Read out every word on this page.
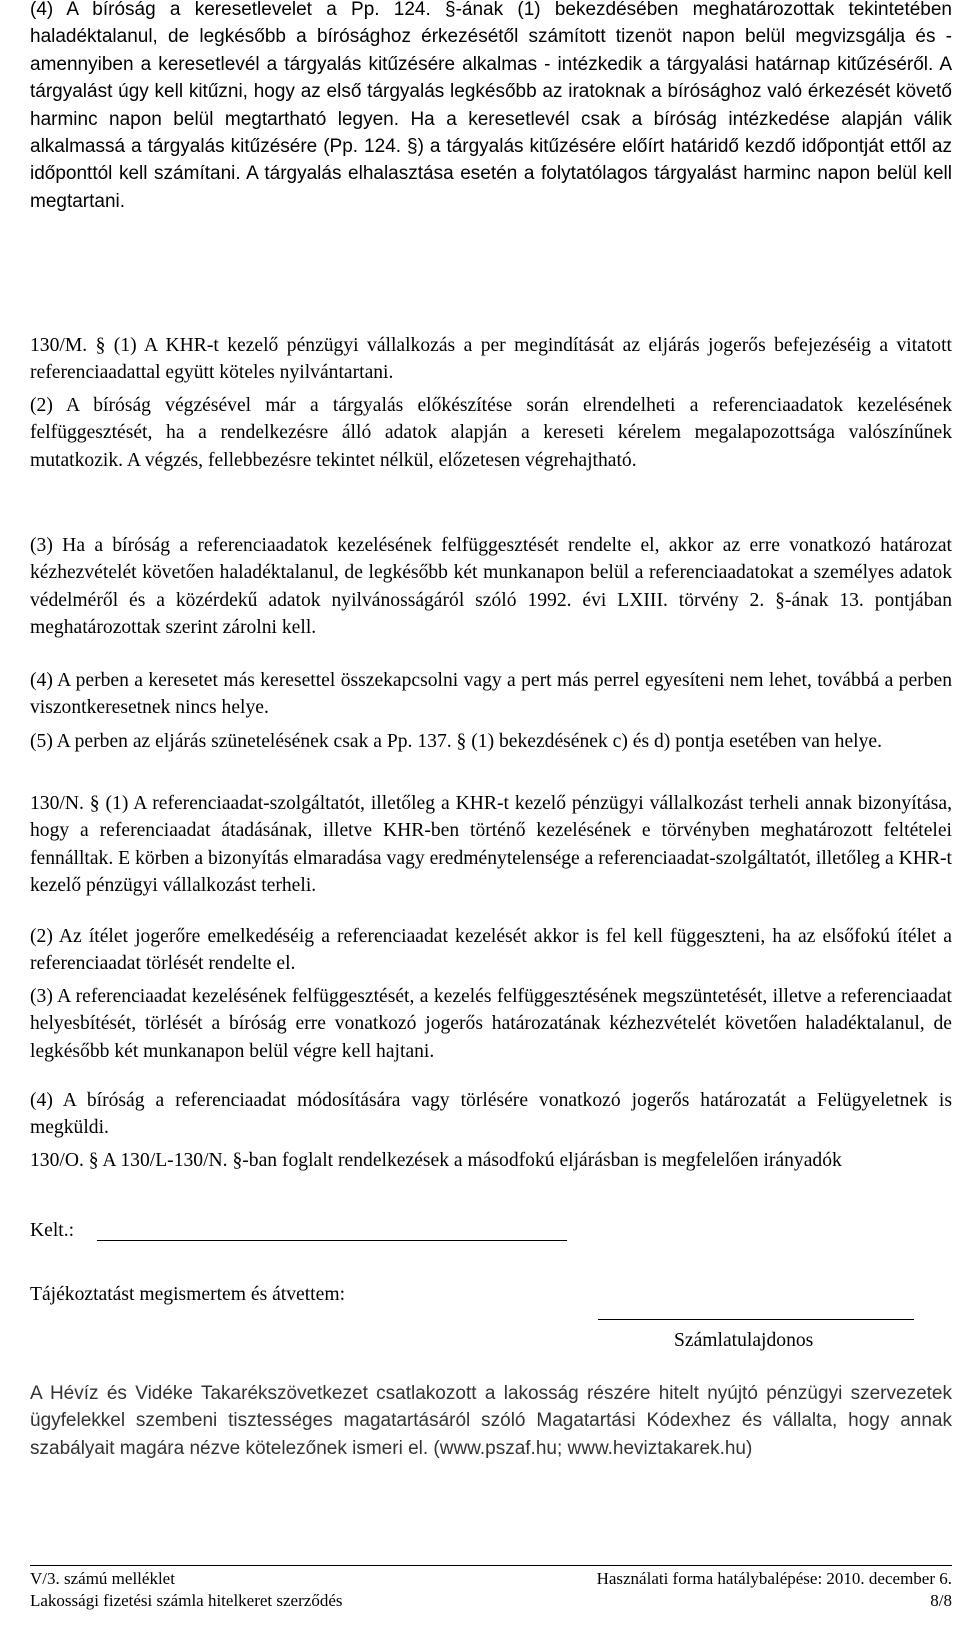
(4) A bíróság a keresetlevelet a Pp. 124. §-ának (1) bekezdésében meghatározottak tekintetében haladéktalanul, de legkésőbb a bírósághoz érkezésétől számított tizenöt napon belül megvizsgálja és - amennyiben a keresetlevél a tárgyalás kitűzésére alkalmas - intézkedik a tárgyalási határnap kitűzéséről. A tárgyalást úgy kell kitűzni, hogy az első tárgyalás legkésőbb az iratoknak a bírósághoz való érkezését követő harminc napon belül megtartható legyen. Ha a keresetlevél csak a bíróság intézkedése alapján válik alkalmassá a tárgyalás kitűzésére (Pp. 124. §) a tárgyalás kitűzésére előírt határidő kezdő időpontját ettől az időponttól kell számítani. A tárgyalás elhalasztása esetén a folytatólagos tárgyalást harminc napon belül kell megtartani.

130/M. § (1) A KHR-t kezelő pénzügyi vállalkozás a per megindítását az eljárás jogerős befejezéséig a vitatott referenciaadattal együtt köteles nyilvántartani.

(2) A bíróság végzésével már a tárgyalás előkészítése során elrendelheti a referenciaadatok kezelésének felfüggesztését, ha a rendelkezésre álló adatok alapján a kereseti kérelem megalapozottsága valószínűnek mutatkozik. A végzés, fellebbezésre tekintet nélkül, előzetesen végrehajtható.

(3) Ha a bíróság a referenciaadatok kezelésének felfüggesztését rendelte el, akkor az erre vonatkozó határozat kézhezvételét követően haladéktalanul, de legkésőbb két munkanapon belül a referenciaadatokat a személyes adatok védelméről és a közérdekű adatok nyilvánosságáról szóló 1992. évi LXIII. törvény 2. §-ának 13. pontjában meghatározottak szerint zárolni kell.

(4) A perben a keresetet más keresettel összekapcsolni vagy a pert más perrel egyesíteni nem lehet, továbbá a perben viszontkeresetnek nincs helye.

(5) A perben az eljárás szünetelésének csak a Pp. 137. § (1) bekezdésének c) és d) pontja esetében van helye.

130/N. § (1) A referenciaadat-szolgáltatót, illetőleg a KHR-t kezelő pénzügyi vállalkozást terheli annak bizonyítása, hogy a referenciaadat átadásának, illetve KHR-ben történő kezelésének e törvényben meghatározott feltételei fennálltak. E körben a bizonyítás elmaradása vagy eredménytelensége a referenciaadat-szolgáltatót, illetőleg a KHR-t kezelő pénzügyi vállalkozást terheli.

(2) Az ítélet jogerőre emelkedéséig a referenciaadat kezelését akkor is fel kell függeszteni, ha az elsőfokú ítélet a referenciaadat törlését rendelte el.

(3) A referenciaadat kezelésének felfüggesztését, a kezelés felfüggesztésének megszüntetését, illetve a referenciaadat helyesbítését, törlését a bíróság erre vonatkozó jogerős határozatának kézhezvételét követően haladéktalanul, de legkésőbb két munkanapon belül végre kell hajtani.

(4) A bíróság a referenciaadat módosítására vagy törlésére vonatkozó jogerős határozatát a Felügyeletnek is megküldi.

130/O. § A 130/L-130/N. §-ban foglalt rendelkezések a másodfokú eljárásban is megfelelően irányadók

Kelt.:
Tájékoztatást megismertem és átvettem:
Számlatulajdonos

A Hévíz és Vidéke Takarékszövetkezet csatlakozott a lakosság részére hitelt nyújtó pénzügyi szervezetek ügyfelekkel szembeni tisztességes magatartásáról szóló Magatartási Kódexhez és vállalta, hogy annak szabályait magára nézve kötelezőnek ismeri el. (www.pszaf.hu; www.heviztakarek.hu)

V/3. számú melléklet	Használati forma hatálybalépése: 2010. december 6.
Lakossági fizetési számla hitelkeret szerződés	8/8
